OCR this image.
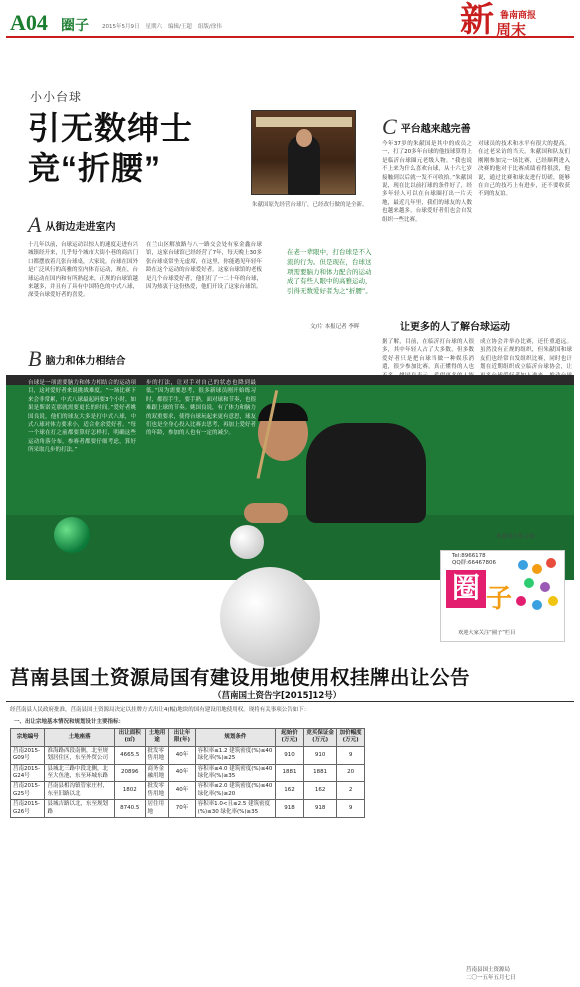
A04 圈子 2015年5月9日 星期六 编辑/王超 组版/徐伟	新 鲁南商报
周末
小小台球
引无数绅士
竞“折腰”
朱献国原先经营台球厅，已经改行做的是全新。
A 从街边走进室内
十几年以前，台球运动以惊人的速度走进有兴城镇经开来，几乎每个城市大街小巷的商店门口都摆放着几张台球桌，大家说，台球在国外是广泛风行的高雅的室内体育运动，现在，台球运动在国内和有所熟起来，正规的台球馆越来越多，并且有了具有中国特色的中式八球，深受台球爱好者的喜爱。
在兰山区解放路与八一路交会处有家金鑫台球馆，这家台球馆已经经营了7年，每天晚上30多张台球桌常坐无虚席，在这里，你能遇见年轻年龄在这个运动的台球爱好者。这家台球馆的老板是几个台球爱好者，他们打了一二十年的台球，因为热衷于这份热爱，他们开设了这家台球馆。
在老一辈眼中，打台球是不入流的行为。但是现在，台球这项需要脑力和体力配合的运动成了有些人眼中的高雅运动，引得无数爱好者为之“折腰”。
文/片 本报记者 李晖
B 脑力和体力相结合
C 平台越来越完善
今年37岁的朱献国是其中的成员之一，打了20多年台球的他技球算得上是临沂台球圈元老级人物。“我也说不上来为什么喜欢台球，从十六七岁接触到以后就一发不可收拾。”朱献国说，现在比以前打球的条件好了，经多年轻人可以在台球圈打出一片天地，最近几年里，我们的球友的人数也越来越多，台球爱好者们也会自发组织一些比赛。
对球员的技术和水平有很大的提高。在过老采访的当天，朱献国和队友们刚刚参加完一场比赛，已经顺利进入决赛的他对于比赛成绩看得很淡，他说，通过比赛和球友进行切磋，能够在自己的技巧上有进步，还不要收获不到的友谊。
让更多的人了解台球运动
据了解，目前，在临沂打台球的人很多，其中年轻人占了大多数，但多数爱好者只是把台球当做一种娱乐消遣，很少参加比赛，真正懂得的人也
成立协会并举办比赛，还任重道远。虽然没有正规的组织，但朱献国和球友们也经常自发组织比赛，同时也计划在近期组织成立临沂台球协会，让
台球是一项需要脑力和体力相结合的运动项目，这对爱好者来说挑战难度。“一场比赛下来会非常累，中式八球最起码要3个小时，如果是斯诺克那就需要更长的时间。”爱好者姚国良说，他们的球友大多是打中式八球，中式八球对体力要求小，适合业余爱好者。“每一个球在打之前都要算好怎样打，明确这些运动角落分布，参赛者都要仔细考虑，算好所采取几步的打法。”
步的打法，让对手对自己的状态也降到最低。”因为需要思考，很多新球员刚开始练习时，都很手生，要手熟，面对球和节奏，也很难跟上球的节奏。姚国良说，有了体力和脑力的双重要求，使得台球玩起来更有意思，球友们也是全身心投入比赛去思考，再加上爱好者的年龄，参加的人也有一定的减少。
朱献国在练习球。
Tel:8966178
QQ群:66467806
圈 子
欢迎大家关注“圈子”栏目
莒南县国土资源局国有建设用地使用权挂牌出让公告
（莒南国土资告字[2015]12号）
经莒南县人民政府批准，莒南县国土资源局决定以挂牌方式出让4(幅)地块的国有建设用地使用权。现将有关事项公告如下：
一、出让宗地基本情况和规划设计主要指标：
宗地编号	土地座落	出让面积(㎡)	土地用途	出让年限(年)	规划条件	起始价(万元)	竞买保证金(万元)	加价幅度(万元)
莒南2015-G09号	淮海路西段南侧，北至规划居住区，东至外贸公司	4665.5	批发零售用地	40年	容积率≤1.2 建筑密度(%)≤40 绿化率(%)≥25	910	910	9
莒南2015-G24号	县城北三路中段北侧，北至大鱼池，东至环城东路	20896	商务金融用地	40年	容积率≤4.0 建筑密度(%)≤40 绿化率(%)≥35	1881	1881	20
莒南2015-G25号	莒南县相沟镇管家庄村，东至旧路以北	1802	批发零售用地	40年	容积率≤2.0 建筑密度(%)≤40 绿化率(%)≥20	162	162	2
莒南2015-G26号	县城吉路以北，东至规划路	8740.5	居住用地	70年	容积率1.0<且≤2.5 建筑密度(%)≤30 绿化率(%)≥35	918	918	9
莒南县国土资源局
二〇一五年五月七日
